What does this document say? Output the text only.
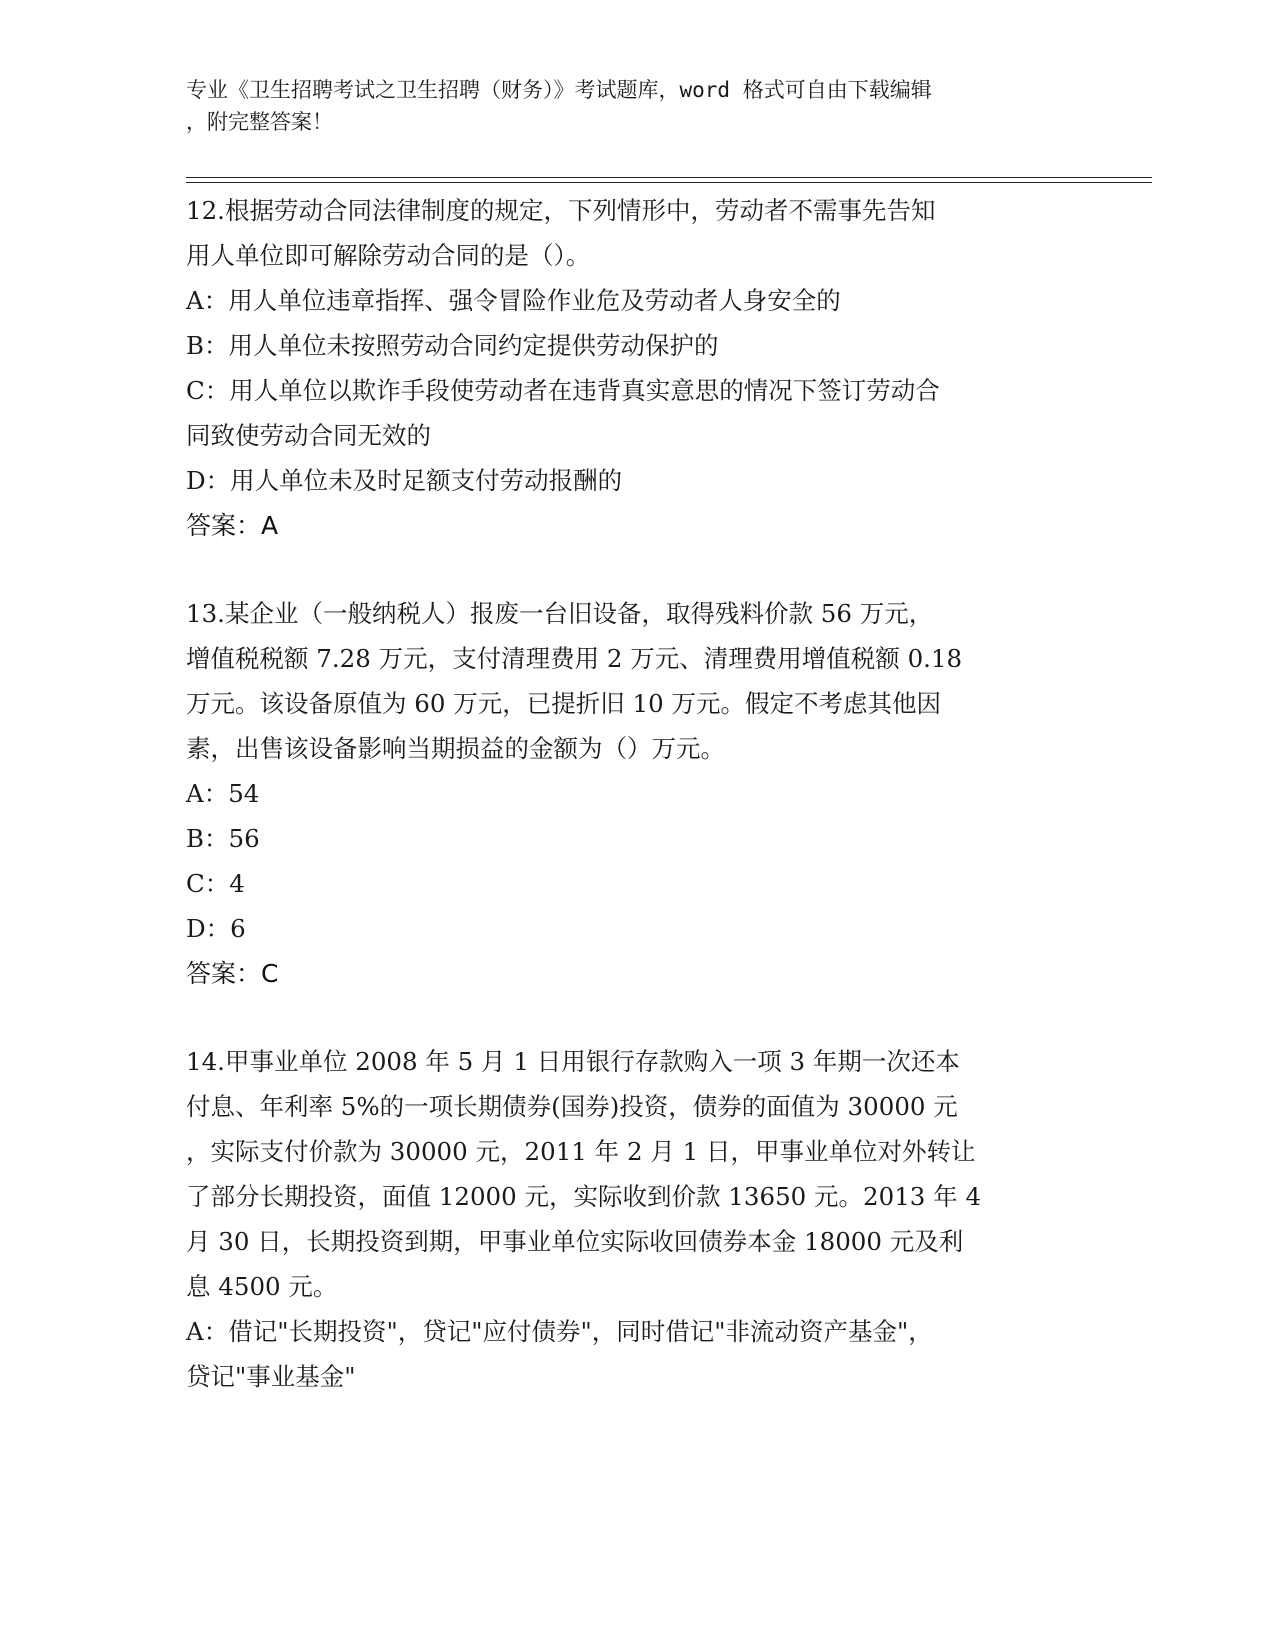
专业《卫生招聘考试之卫生招聘（财务）》考试题库，word 格式可自由下载编辑
，附完整答案！
12.根据劳动合同法律制度的规定，下列情形中，劳动者不需事先告知
用人单位即可解除劳动合同的是（）。
A：用人单位违章指挥、强令冒险作业危及劳动者人身安全的
B：用人单位未按照劳动合同约定提供劳动保护的
C：用人单位以欺诈手段使劳动者在违背真实意思的情况下签订劳动合
同致使劳动合同无效的
D：用人单位未及时足额支付劳动报酬的
答案：A
13.某企业（一般纳税人）报废一台旧设备，取得残料价款 56 万元，
增值税税额 7.28 万元，支付清理费用 2 万元、清理费用增值税额 0.18
万元。该设备原值为 60 万元，已提折旧 10 万元。假定不考虑其他因
素，出售该设备影响当期损益的金额为（）万元。
A：54
B：56
C：4
D：6
答案：C
14.甲事业单位 2008 年 5 月 1 日用银行存款购入一项 3 年期一次还本
付息、年利率 5%的一项长期债券(国券)投资，债券的面值为 30000 元
，实际支付价款为 30000 元，2011 年 2 月 1 日，甲事业单位对外转让
了部分长期投资，面值 12000 元，实际收到价款 13650 元。2013 年 4
月 30 日，长期投资到期，甲事业单位实际收回债券本金 18000 元及利
息 4500 元。
A：借记"长期投资"，贷记"应付债券"，同时借记"非流动资产基金"，
贷记"事业基金"
